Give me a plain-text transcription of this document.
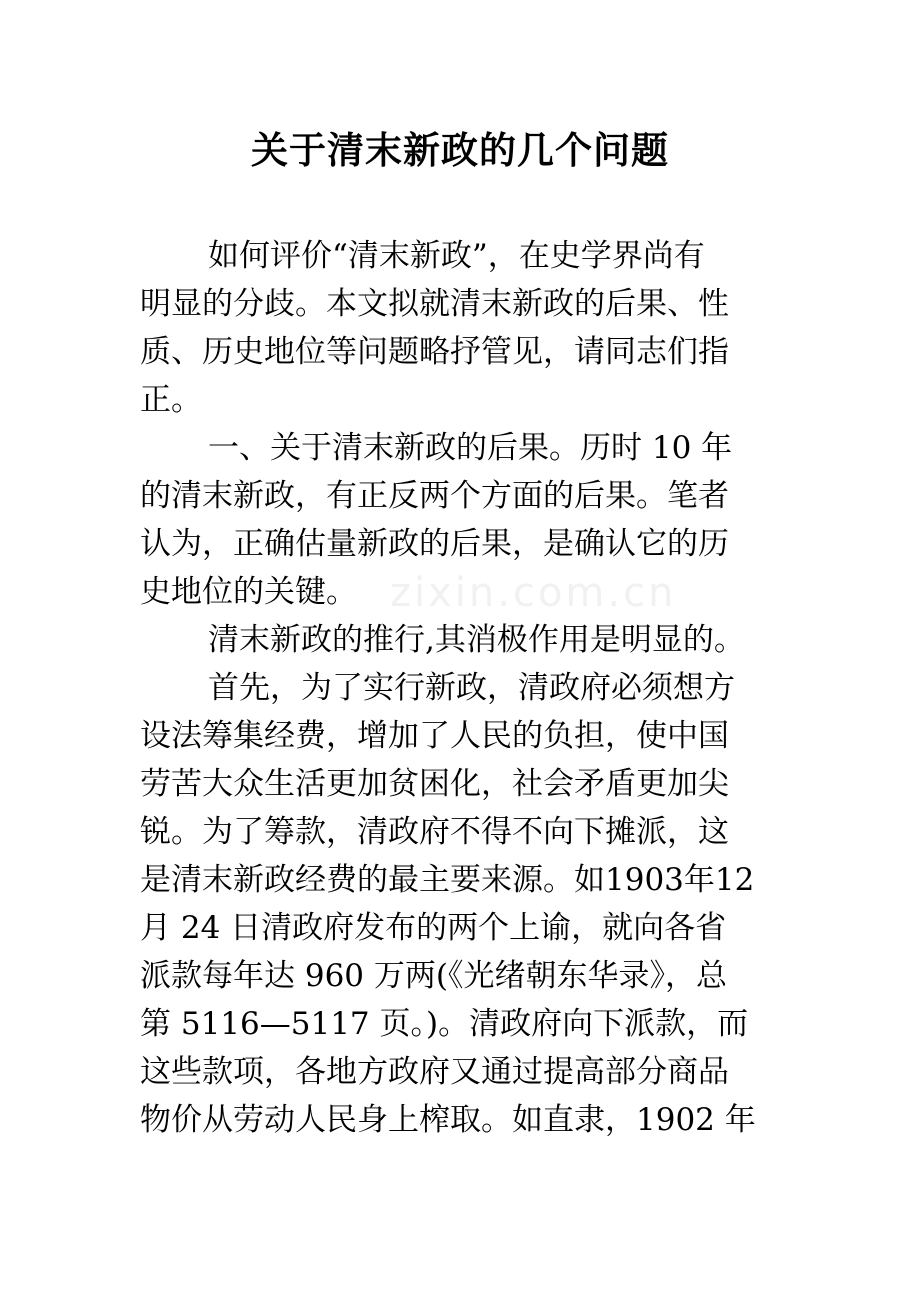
zixin.com.cn
关于清末新政的几个问题
如何评价“清末新政”，在史学界尚有
明显的分歧。本文拟就清末新政的后果、性
质、历史地位等问题略抒管见，请同志们指
正。
一、关于清末新政的后果。历时 10 年
的清末新政，有正反两个方面的后果。笔者
认为，正确估量新政的后果，是确认它的历
史地位的关键。
清末新政的推行,其消极作用是明显的。
首先，为了实行新政，清政府必须想方
设法筹集经费，增加了人民的负担，使中国
劳苦大众生活更加贫困化，社会矛盾更加尖
锐。为了筹款，清政府不得不向下摊派，这
是清末新政经费的最主要来源。如1903年12
月 24 日清政府发布的两个上谕，就向各省
派款每年达 960 万两(《光绪朝东华录》，总
第 5116—5117 页。)。清政府向下派款，而
这些款项，各地方政府又通过提高部分商品
物价从劳动人民身上榨取。如直隶，1902 年
